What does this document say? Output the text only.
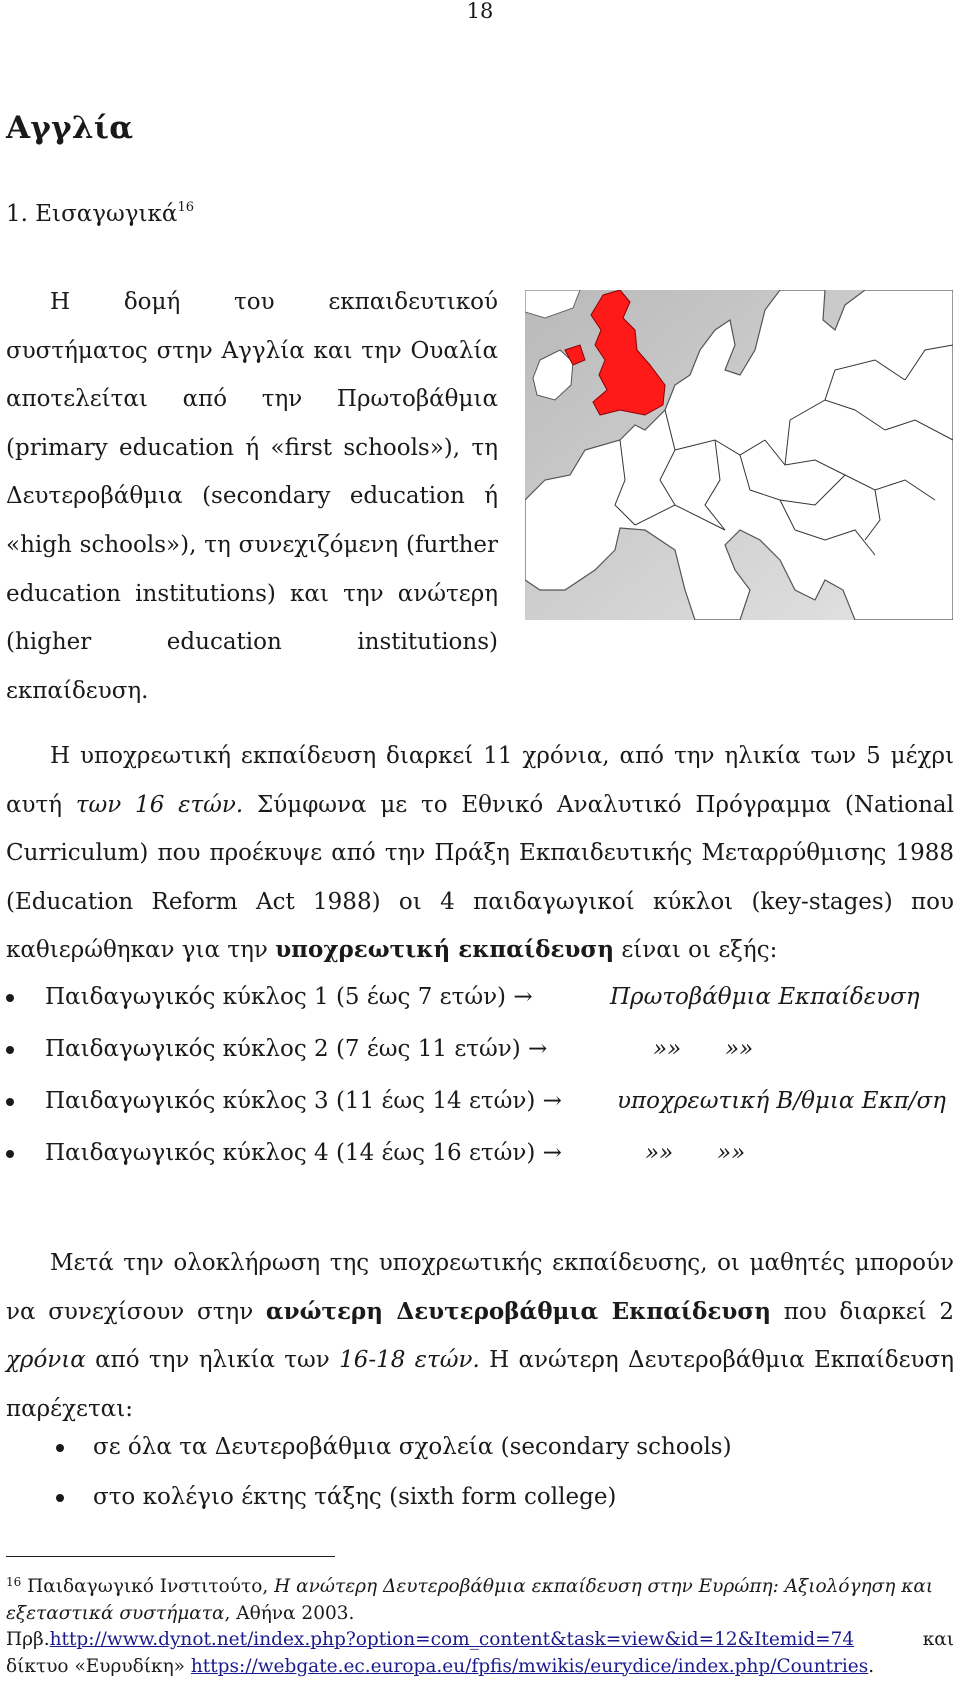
18
Αγγλία
1. Εισαγωγικά$^{16}$

Η δομή του εκπαιδευτικού συστήματος στην Αγγλία και την Ουαλία αποτελείται από την Πρωτοβάθμια (primary education ή «first schools»), τη Δευτεροβάθμια (secondary education ή «high schools»), τη συνεχιζόμενη (further education institutions) και την ανώτερη (higher education institutions) εκπαίδευση.

Η υποχρεωτική εκπαίδευση διαρκεί 11 χρόνια, από την ηλικία των 5 μέχρι αυτή των 16 ετών. Σύμφωνα με το Εθνικό Αναλυτικό Πρόγραμμα (National Curriculum) που προέκυψε από την Πράξη Εκπαιδευτικής Μεταρρύθμισης 1988 (Education Reform Act 1988) οι 4 παιδαγωγικοί κύκλοι (key-stages) που καθιερώθηκαν για την υποχρεωτική εκπαίδευση είναι οι εξής:

Παιδαγωγικός κύκλος 1 (5 έως 7 ετών) →	Πρωτοβάθμια Εκπαίδευση
Παιδαγωγικός κύκλος 2 (7 έως 11 ετών) →	»»      »»
Παιδαγωγικός κύκλος 3 (11 έως 14 ετών) → υποχρεωτική Β/θμια Εκπ/ση
Παιδαγωγικός κύκλος 4 (14 έως 16 ετών) →	»»      »»

Μετά την ολοκλήρωση της υποχρεωτικής εκπαίδευσης, οι μαθητές μπορούν να συνεχίσουν στην ανώτερη Δευτεροβάθμια Εκπαίδευση που διαρκεί 2 χρόνια από την ηλικία των 16-18 ετών. Η ανώτερη Δευτεροβάθμια Εκπαίδευση παρέχεται:

σε όλα τα Δευτεροβάθμια σχολεία (secondary schools)
στο κολέγιο έκτης τάξης (sixth form college)
$^{16}$ Παιδαγωγικό Ινστιτούτο, Η ανώτερη Δευτεροβάθμια εκπαίδευση στην Ευρώπη: Αξιολόγηση και εξεταστικά συστήματα, Αθήνα 2003.
Πρβ.http://www.dynot.net/index.php?option=com_content&task=view&id=12&Itemid=74	και
δίκτυο «Ευρυδίκη» https://webgate.ec.europa.eu/fpfis/mwikis/eurydice/index.php/Countries.
